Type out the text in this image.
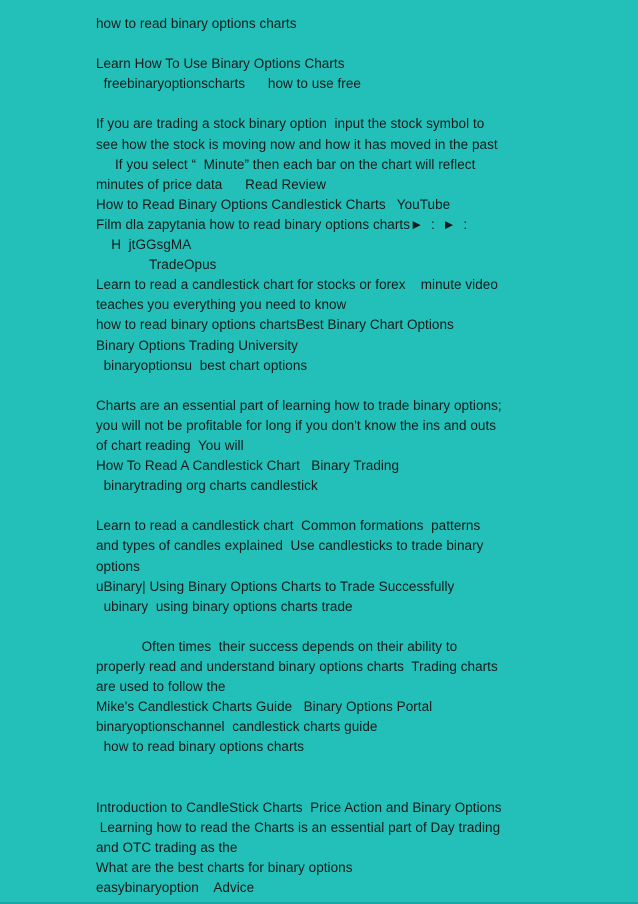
how to read binary options charts
Learn How To Use Binary Options Charts
freebinaryoptionscharts      how to use free
If you are trading a stock binary option  input the stock symbol to
see how the stock is moving now and how it has moved in the past
If you select “  Minute” then each bar on the chart will reflect
minutes of price data      Read Review
How to Read Binary Options Candlestick Charts   YouTube
Film dla zapytania how to read binary options charts►  :  ►  :
H  jtGGsgMA
TradeOpus
Learn to read a candlestick chart for stocks or forex    minute video
teaches you everything you need to know
how to read binary options chartsBest Binary Chart Options
Binary Options Trading University
binaryoptionsu  best chart options
Charts are an essential part of learning how to trade binary options;
you will not be profitable for long if you don't know the ins and outs
of chart reading  You will
How To Read A Candlestick Chart   Binary Trading
binarytrading org charts candlestick
Learn to read a candlestick chart  Common formations  patterns
and types of candles explained  Use candlesticks to trade binary
options
uBinary| Using Binary Options Charts to Trade Successfully
ubinary  using binary options charts trade
Often times  their success depends on their ability to
properly read and understand binary options charts  Trading charts
are used to follow the
Mike's Candlestick Charts Guide   Binary Options Portal
binaryoptionschannel  candlestick charts guide
how to read binary options charts
Introduction to CandleStick Charts  Price Action and Binary Options
Learning how to read the Charts is an essential part of Day trading
and OTC trading as the
What are the best charts for binary options
easybinaryoption    Advice
